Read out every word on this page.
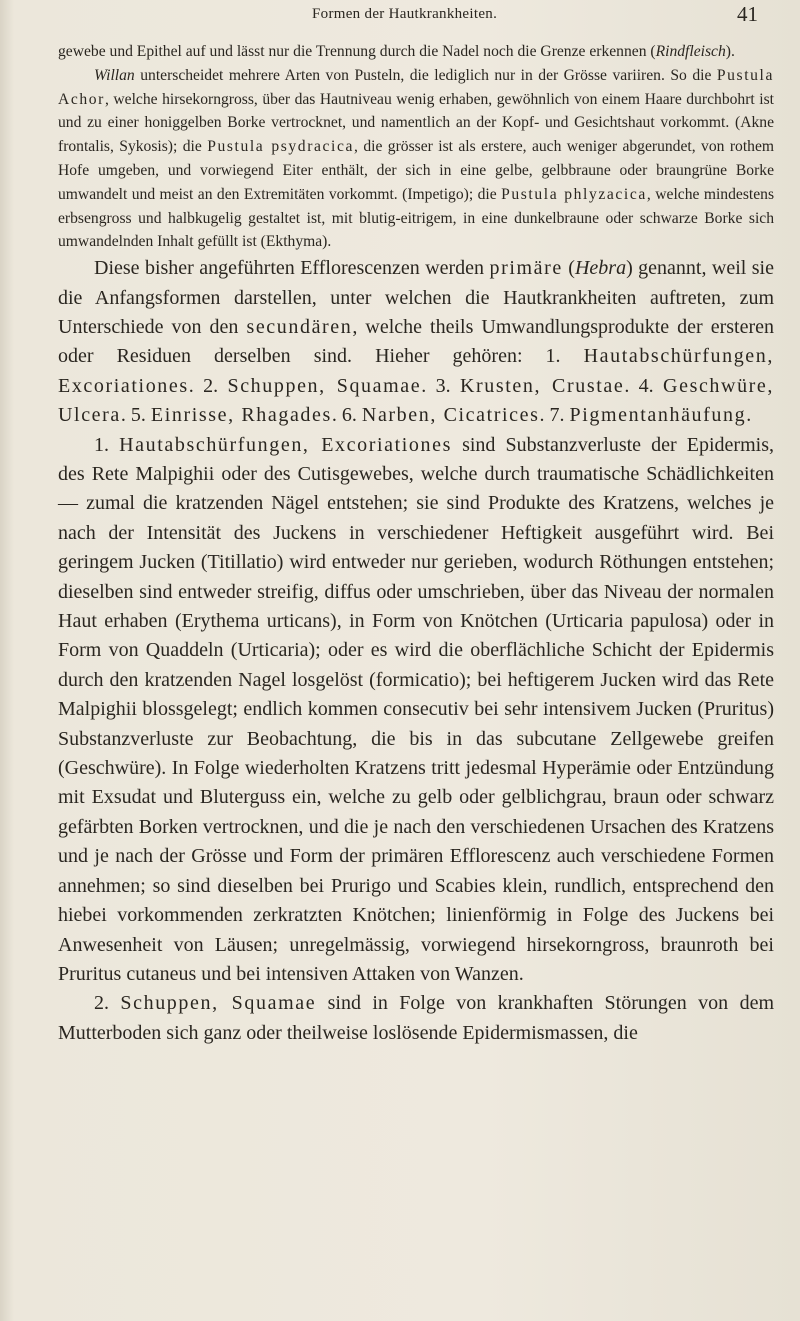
Formen der Hautkrankheiten.	41

gewebe und Epithel auf und lässt nur die Trennung durch die Nadel noch die Grenze erkennen (Rindfleisch).

Willan unterscheidet mehrere Arten von Pusteln, die lediglich nur in der Grösse variiren. So die Pustula Achor, welche hirsekorngross, über das Hautniveau wenig erhaben, gewöhnlich von einem Haare durchbohrt ist und zu einer honiggelben Borke vertrocknet, und namentlich an der Kopf- und Gesichtshaut vorkommt. (Akne frontalis, Sykosis); die Pustula psydracica, die grösser ist als erstere, auch weniger abgerundet, von rothem Hofe umgeben, und vorwiegend Eiter enthält, der sich in eine gelbe, gelbbraune oder braungrüne Borke umwandelt und meist an den Extremitäten vorkommt. (Impetigo); die Pustula phlyzacica, welche mindestens erbsengross und halbkugelig gestaltet ist, mit blutig-eitrigem, in eine dunkelbraune oder schwarze Borke sich umwandelnden Inhalt gefüllt ist (Ekthyma).

Diese bisher angeführten Efflorescenzen werden primäre (Hebra) genannt, weil sie die Anfangsformen darstellen, unter welchen die Hautkrankheiten auftreten, zum Unterschiede von den secundären, welche theils Umwandlungsprodukte der ersteren oder Residuen derselben sind. Hieher gehören: 1. Hautabschürfungen, Excoriationes. 2. Schuppen, Squamae. 3. Krusten, Crustae. 4. Geschwüre, Ulcera. 5. Einrisse, Rhagades. 6. Narben, Cicatrices. 7. Pigmentanhäufung.

1. Hautabschürfungen, Excoriationes sind Substanzverluste der Epidermis, des Rete Malpighii oder des Cutisgewebes, welche durch traumatische Schädlichkeiten — zumal die kratzenden Nägel entstehen; sie sind Produkte des Kratzens, welches je nach der Intensität des Juckens in verschiedener Heftigkeit ausgeführt wird. Bei geringem Jucken (Titillatio) wird entweder nur gerieben, wodurch Röthungen entstehen; dieselben sind entweder streifig, diffus oder umschrieben, über das Niveau der normalen Haut erhaben (Erythema urticans), in Form von Knötchen (Urticaria papulosa) oder in Form von Quaddeln (Urticaria); oder es wird die oberflächliche Schicht der Epidermis durch den kratzenden Nagel losgelöst (formicatio); bei heftigerem Jucken wird das Rete Malpighii blossgelegt; endlich kommen consecutiv bei sehr intensivem Jucken (Pruritus) Substanzverluste zur Beobachtung, die bis in das subcutane Zellgewebe greifen (Geschwüre). In Folge wiederholten Kratzens tritt jedesmal Hyperämie oder Entzündung mit Exsudat und Bluterguss ein, welche zu gelb oder gelblichgrau, braun oder schwarz gefärbten Borken vertrocknen, und die je nach den verschiedenen Ursachen des Kratzens und je nach der Grösse und Form der primären Efflorescenz auch verschiedene Formen annehmen; so sind dieselben bei Prurigo und Scabies klein, rundlich, entsprechend den hiebei vorkommenden zerkratzten Knötchen; linienförmig in Folge des Juckens bei Anwesenheit von Läusen; unregelmässig, vorwiegend hirsekorngross, braunroth bei Pruritus cutaneus und bei intensiven Attaken von Wanzen.

2. Schuppen, Squamae sind in Folge von krankhaften Störungen von dem Mutterboden sich ganz oder theilweise loslösende Epidermismassen, die
